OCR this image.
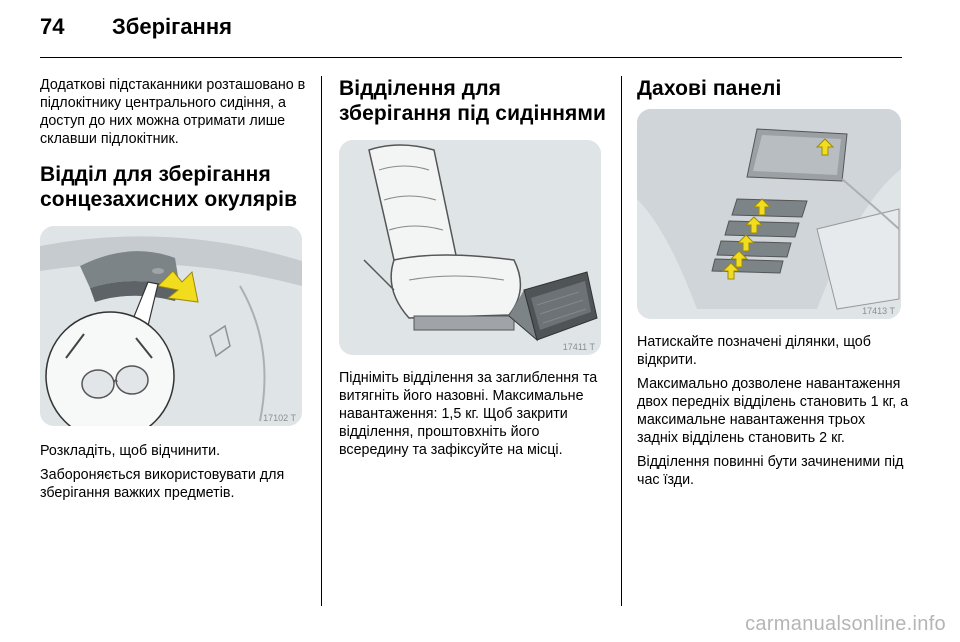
74 Зберігання

Додаткові підстаканники розташовано в підлокітнику центрального сидіння, а доступ до них можна отримати лише склавши підлокітник.

Відділ для зберігання сонцезахисних окулярів
17102 T

Розкладіть, щоб відчинити.

Забороняється використовувати для зберігання важких предметів.

Відділення для зберігання під сидіннями
17411 T

Підніміть відділення за заглиблення та витягніть його назовні. Максимальне навантаження: 1,5 кг. Щоб закрити відділення, проштовхніть його всередину та зафіксуйте на місці.

Дахові панелі
17413 T

Натискайте позначені ділянки, щоб відкрити.

Максимально дозволене навантаження двох передніх відділень становить 1 кг, а максимальне навантаження трьох задніх відділень становить 2 кг.

Відділення повинні бути зачиненими під час їзди.

carmanualsonline.info
